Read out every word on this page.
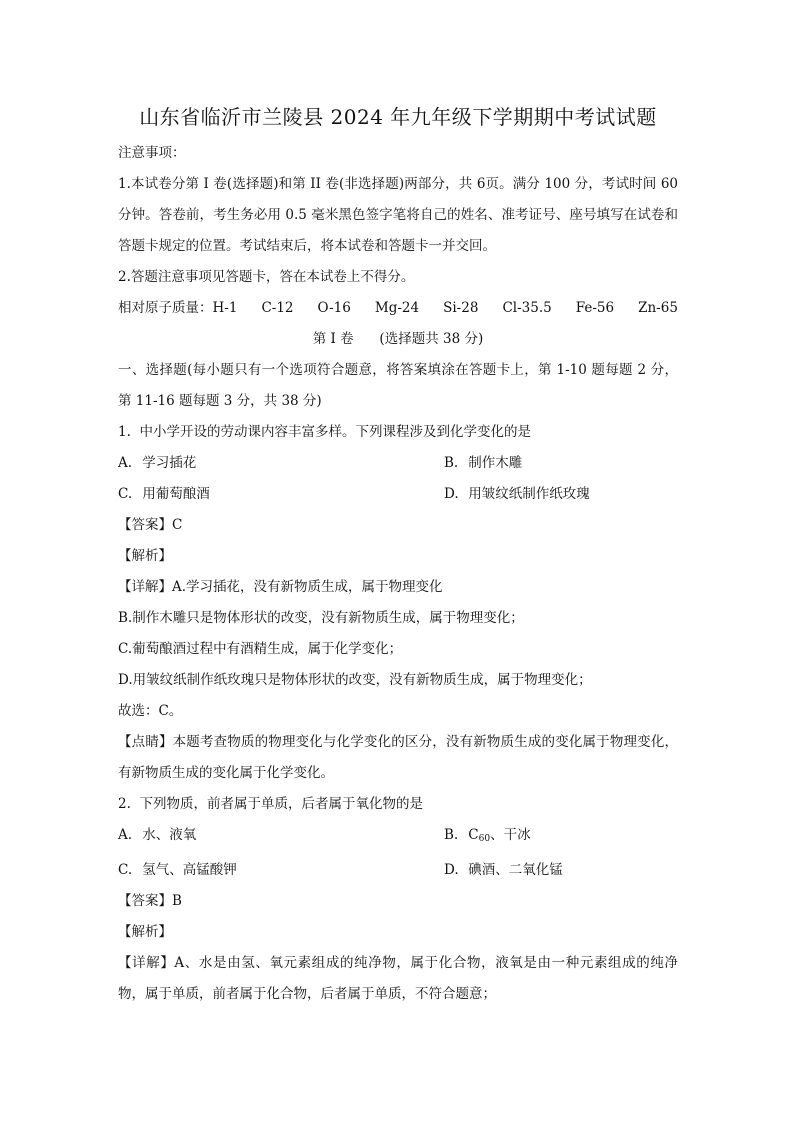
山东省临沂市兰陵县 2024 年九年级下学期期中考试试题
注意事项：
1.本试卷分第 I 卷(选择题)和第 II 卷(非选择题)两部分，共 6页。满分 100 分，考试时间 60 分钟。答卷前，考生务必用 0.5 毫米黑色签字笔将自己的姓名、准考证号、座号填写在试卷和答题卡规定的位置。考试结束后，将本试卷和答题卡一并交回。
2.答题注意事项见答题卡，答在本试卷上不得分。
相对原子质量：H-1 C-12 O-16 Mg-24 Si-28 Cl-35.5 Fe-56 Zn-65
第 I 卷      (选择题共 38 分)
一、选择题(每小题只有一个选项符合题意，将答案填涂在答题卡上，第 1-10 题每题 2 分，第 11-16 题每题 3 分，共 38 分)
1.  中小学开设的劳动课内容丰富多样。下列课程涉及到化学变化的是
A. 学习插花	B. 制作木雕
C. 用葡萄酿酒	D. 用皱纹纸制作纸玫瑰
【答案】C
【解析】
【详解】A.学习插花，没有新物质生成，属于物理变化
B.制作木雕只是物体形状的改变，没有新物质生成，属于物理变化；
C.葡萄酿酒过程中有酒精生成，属于化学变化；
D.用皱纹纸制作纸玫瑰只是物体形状的改变，没有新物质生成，属于物理变化；
故选：C。
【点睛】本题考查物质的物理变化与化学变化的区分，没有新物质生成的变化属于物理变化，有新物质生成的变化属于化学变化。
2.  下列物质，前者属于单质，后者属于氧化物的是
A. 水、液氧	B. $C_{60}$、干冰
C. 氢气、高锰酸钾	D. 碘酒、二氧化锰
【答案】B
【解析】
【详解】A、水是由氢、氧元素组成的纯净物，属于化合物，液氧是由一种元素组成的纯净物，属于单质，前者属于化合物，后者属于单质，不符合题意；
